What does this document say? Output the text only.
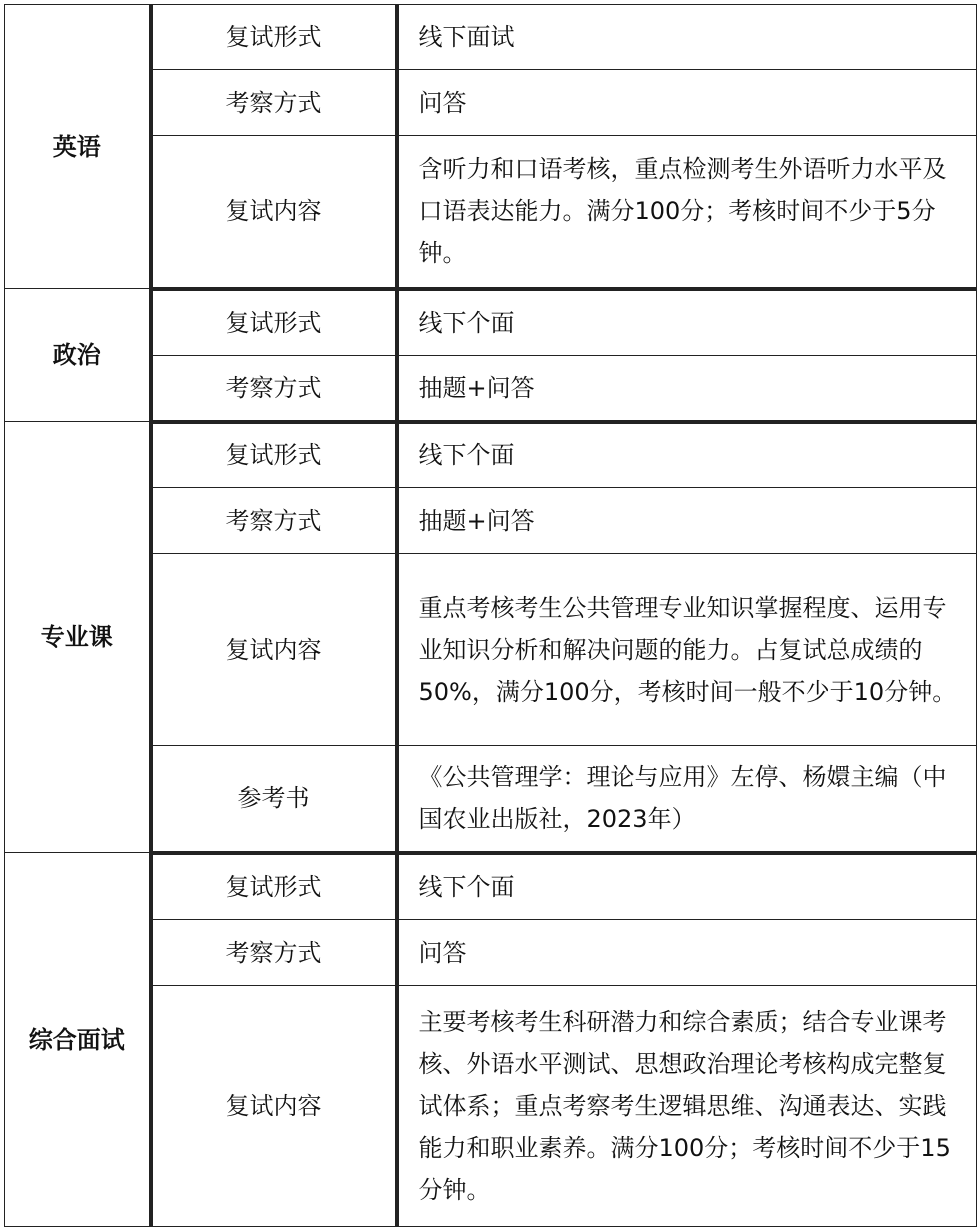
英语	复试形式	线下面试
	考察方式	问答
	复试内容	含听力和口语考核，重点检测考生外语听力水平及口语表达能力。满分100分；考核时间不少于5分钟。
政治	复试形式	线下个面
	考察方式	抽题+问答
专业课	复试形式	线下个面
	考察方式	抽题+问答
	复试内容	重点考核考生公共管理专业知识掌握程度、运用专业知识分析和解决问题的能力。占复试总成绩的50%，满分100分，考核时间一般不少于10分钟。
	参考书	《公共管理学：理论与应用》左停、杨嬛主编（中国农业出版社，2023年）
综合面试	复试形式	线下个面
	考察方式	问答
	复试内容	主要考核考生科研潜力和综合素质；结合专业课考核、外语水平测试、思想政治理论考核构成完整复试体系；重点考察考生逻辑思维、沟通表达、实践能力和职业素养。满分100分；考核时间不少于15分钟。
